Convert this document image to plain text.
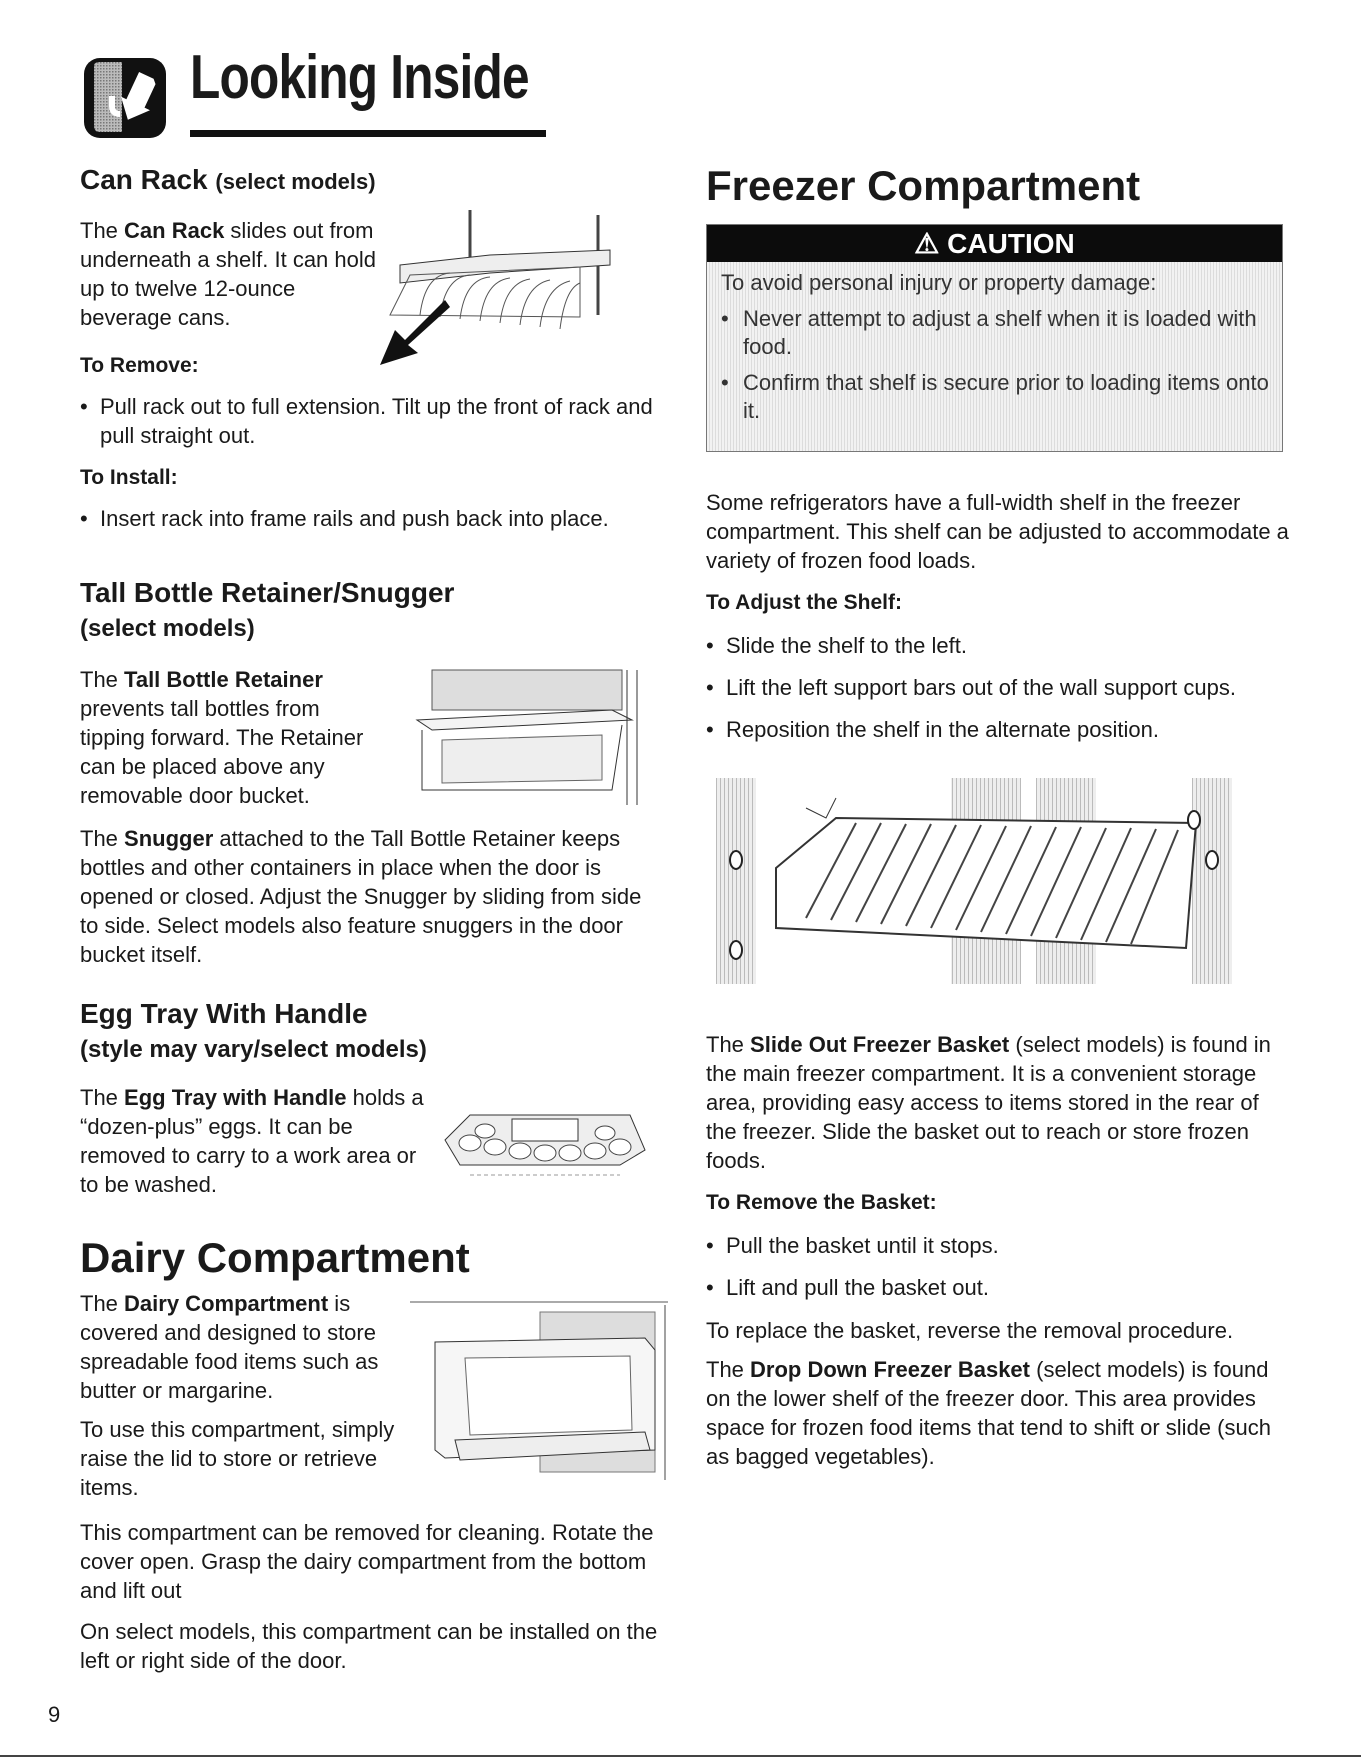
Looking Inside

Can Rack (select models)

The Can Rack slides out from underneath a shelf. It can hold up to twelve 12-ounce beverage cans.

To Remove:

• Pull rack out to full extension. Tilt up the front of rack and pull straight out.

To Install:

• Insert rack into frame rails and push back into place.

Tall Bottle Retainer/Snugger

(select models)

The Tall Bottle Retainer prevents tall bottles from tipping forward. The Retainer can be placed above any removable door bucket.

The Snugger attached to the Tall Bottle Retainer keeps bottles and other containers in place when the door is opened or closed. Adjust the Snugger by sliding from side to side. Select models also feature snuggers in the door bucket itself.

Egg Tray With Handle

(style may vary/select models)

The Egg Tray with Handle holds a “dozen-plus” eggs. It can be removed to carry to a work area or to be washed.

Dairy Compartment

The Dairy Compartment is covered and designed to store spreadable food items such as butter or margarine.

To use this compartment, simply raise the lid to store or retrieve items.

This compartment can be removed for cleaning. Rotate the cover open. Grasp the dairy compartment from the bottom and lift out

On select models, this compartment can be installed on the left or right side of the door.

Freezer Compartment

⚠ CAUTION
To avoid personal injury or property damage:
• Never attempt to adjust a shelf when it is loaded with food.
• Confirm that shelf is secure prior to loading items onto it.

Some refrigerators have a full-width shelf in the freezer compartment. This shelf can be adjusted to accommodate a variety of frozen food loads.

To Adjust the Shelf:

• Slide the shelf to the left.

• Lift the left support bars out of the wall support cups.

• Reposition the shelf in the alternate position.

The Slide Out Freezer Basket (select models) is found in the main freezer compartment. It is a convenient storage area, providing easy access to items stored in the rear of the freezer. Slide the basket out to reach or store frozen foods.

To Remove the Basket:

• Pull the basket until it stops.

• Lift and pull the basket out.

To replace the basket, reverse the removal procedure.

The Drop Down Freezer Basket (select models) is found on the lower shelf of the freezer door. This area provides space for frozen food items that tend to shift or slide (such as bagged vegetables).

9
